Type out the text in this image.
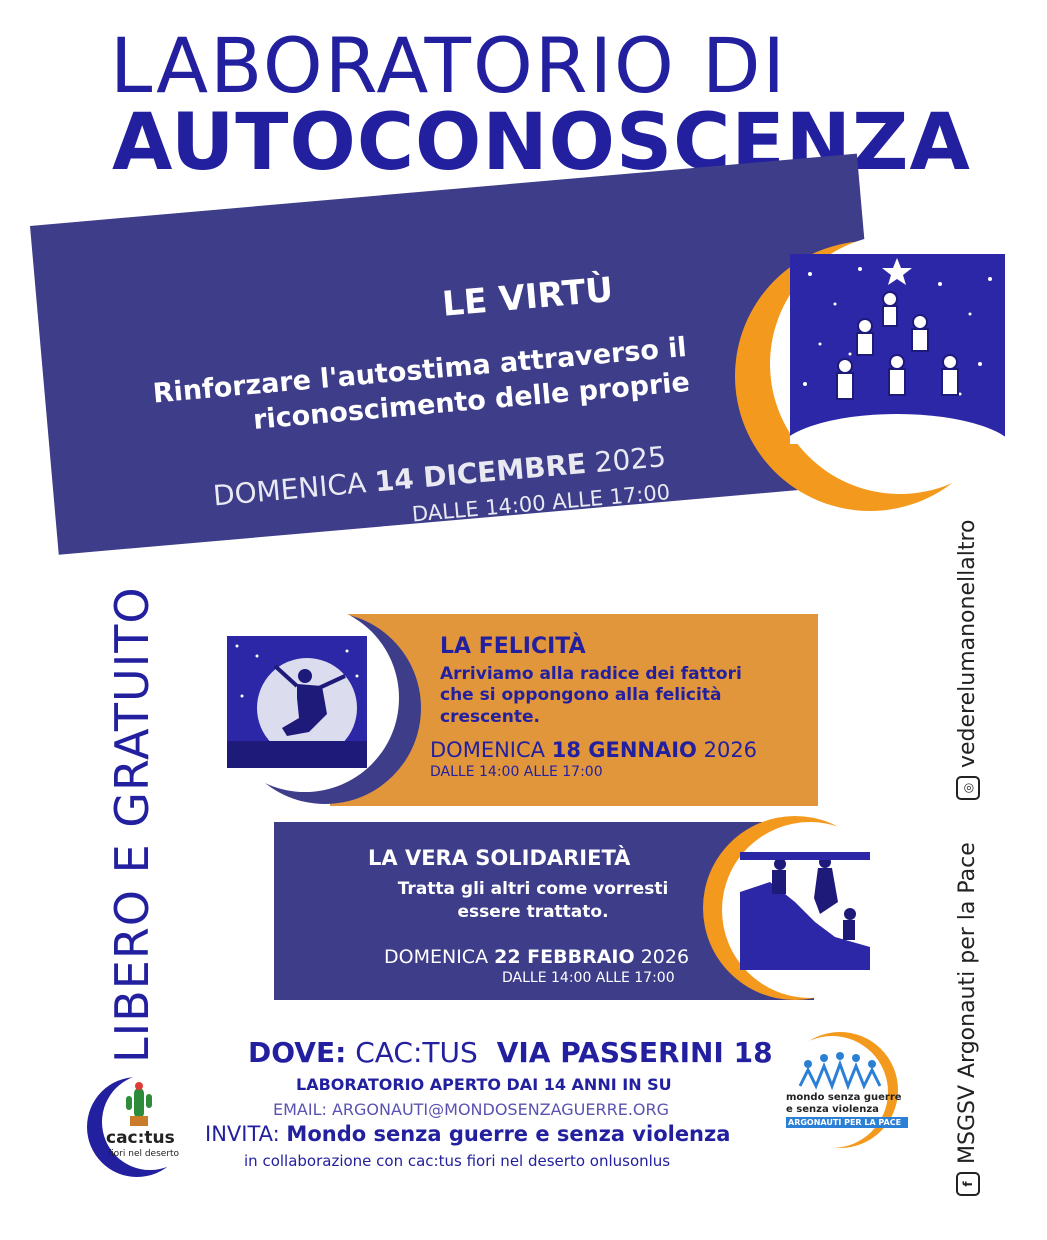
LABORATORIO DI
AUTOCONOSCENZA
LE VIRTÙ
Rinforzare l'autostima attraverso il riconoscimento delle proprie
DOMENICA 14 DICEMBRE 2025
DALLE 14:00 ALLE 17:00
LA FELICITÀ
Arriviamo alla radice dei fattori che si oppongono alla felicità crescente.
DOMENICA 18 GENNAIO 2026
DALLE 14:00 ALLE 17:00
LA VERA SOLIDARIETÀ
Tratta gli altri come vorresti essere trattato.
DOMENICA 22 FEBBRAIO 2026
DALLE 14:00 ALLE 17:00
LIBERO E GRATUITO	◎vederelumanonellaltro
fMSGSV Argonauti per la Pace
DOVE: CAC:TUS VIA PASSERINI 18
LABORATORIO APERTO DAI 14 ANNI IN SU
EMAIL: ARGONAUTI@MONDOSENZAGUERRE.ORG
INVITA: Mondo senza guerre e senza violenza
in collaborazione con cac:tus fiori nel deserto onlusonlus
cac:tus
fiori nel deserto
mondo senza guerre
e senza violenza
ARGONAUTI PER LA PACE
